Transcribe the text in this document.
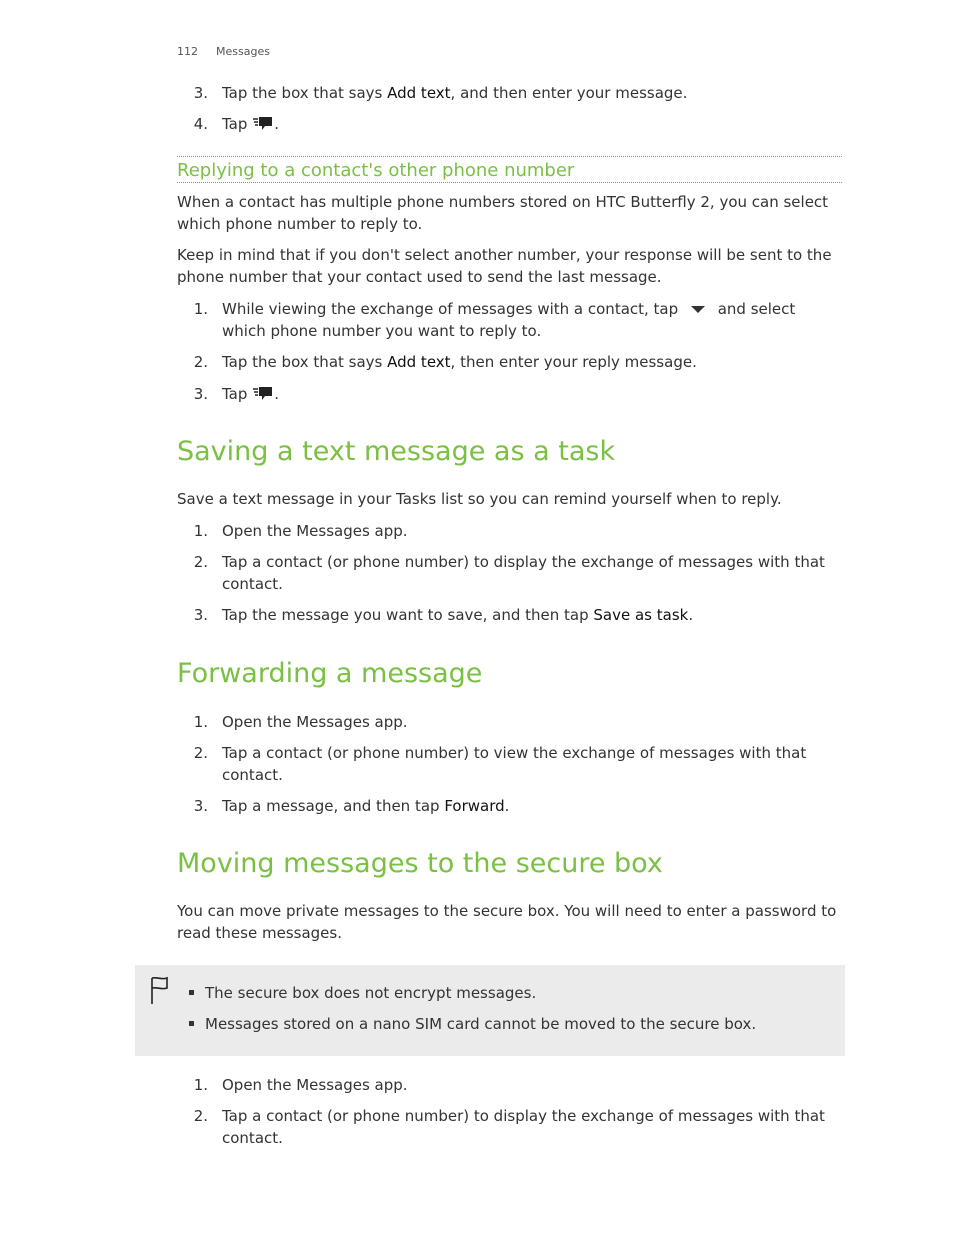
112 Messages
3. Tap the box that says Add text, and then enter your message.
4. Tap .
Replying to a contact's other phone number
When a contact has multiple phone numbers stored on HTC Butterfly 2, you can select which phone number to reply to.
Keep in mind that if you don't select another number, your response will be sent to the phone number that your contact used to send the last message.
1. While viewing the exchange of messages with a contact, tap	and select which phone number you want to reply to.
2. Tap the box that says Add text, then enter your reply message.
3. Tap .
Saving a text message as a task
Save a text message in your Tasks list so you can remind yourself when to reply.
1. Open the Messages app.
2. Tap a contact (or phone number) to display the exchange of messages with that contact.
3. Tap the message you want to save, and then tap Save as task.
Forwarding a message
1. Open the Messages app.
2. Tap a contact (or phone number) to view the exchange of messages with that contact.
3. Tap a message, and then tap Forward.
Moving messages to the secure box
You can move private messages to the secure box. You will need to enter a password to read these messages.
The secure box does not encrypt messages.
Messages stored on a nano SIM card cannot be moved to the secure box.
1. Open the Messages app.
2. Tap a contact (or phone number) to display the exchange of messages with that contact.
